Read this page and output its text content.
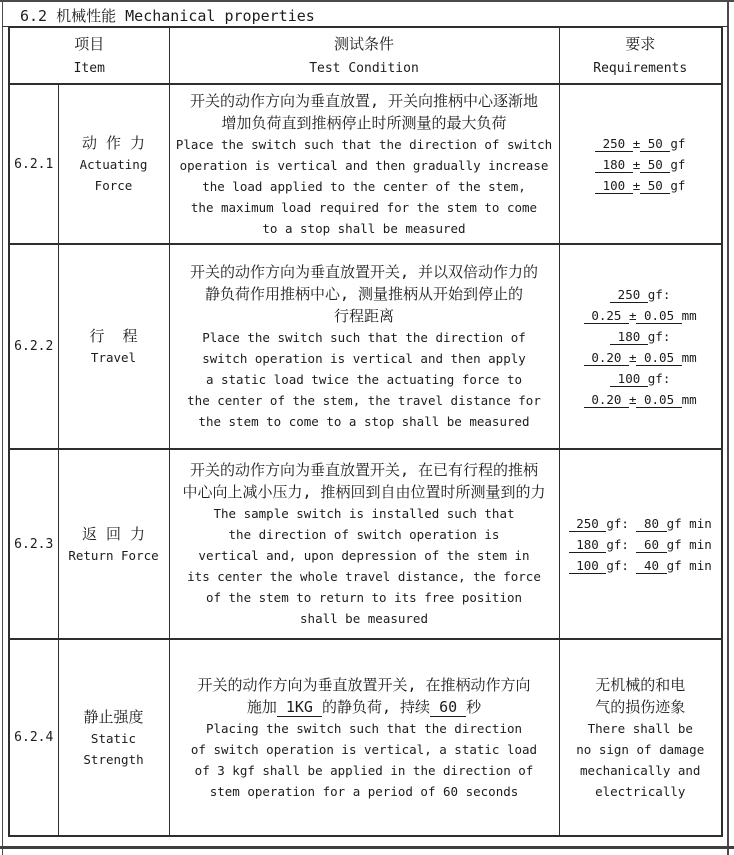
6.2 机械性能 Mechanical properties
项目
Item

测试条件
Test Condition

要求
Requirements

6.2.1	
动 作 力
Actuating
Force

开关的动作方向为垂直放置, 开关向推柄中心逐渐地
增加负荷直到推柄停止时所测量的最大负荷
Place the switch such that the direction of switch
operation is vertical and then gradually increase
the load applied to the center of the stem,
the maximum load required for the stem to come
to a stop shall be measured

250 ± 50 gf
180 ± 50 gf
100 ± 50 gf

6.2.2	
行  程
Travel

开关的动作方向为垂直放置开关, 并以双倍动作力的
静负荷作用推柄中心, 测量推柄从开始到停止的
行程距离
Place the switch such that the direction of
switch operation is vertical and then apply
a static load twice the actuating force to
the center of the stem, the travel distance for
the stem to come to a stop shall be measured

250 gf:
0.25 ± 0.05 mm
180 gf:
0.20 ± 0.05 mm
100 gf:
0.20 ± 0.05 mm

6.2.3	
返 回 力
Return Force

开关的动作方向为垂直放置开关, 在已有行程的推柄
中心向上减小压力, 推柄回到自由位置时所测量到的力
The sample switch is installed such that
the direction of switch operation is
vertical and, upon depression of the stem in
its center the whole travel distance, the force
of the stem to return to its free position
shall be measured

250 gf:  80 gf min
180 gf:  60 gf min
100 gf:  40 gf min

6.2.4	
静止强度
Static
Strength

开关的动作方向为垂直放置开关, 在推柄动作方向
施加 1KG 的静负荷, 持续 60 秒
Placing the switch such that the direction
of switch operation is vertical, a static load
of 3 kgf shall be applied in the direction of
stem operation for a period of 60 seconds

无机械的和电
气的损伤迹象
There shall be
no sign of damage
mechanically and
electrically
